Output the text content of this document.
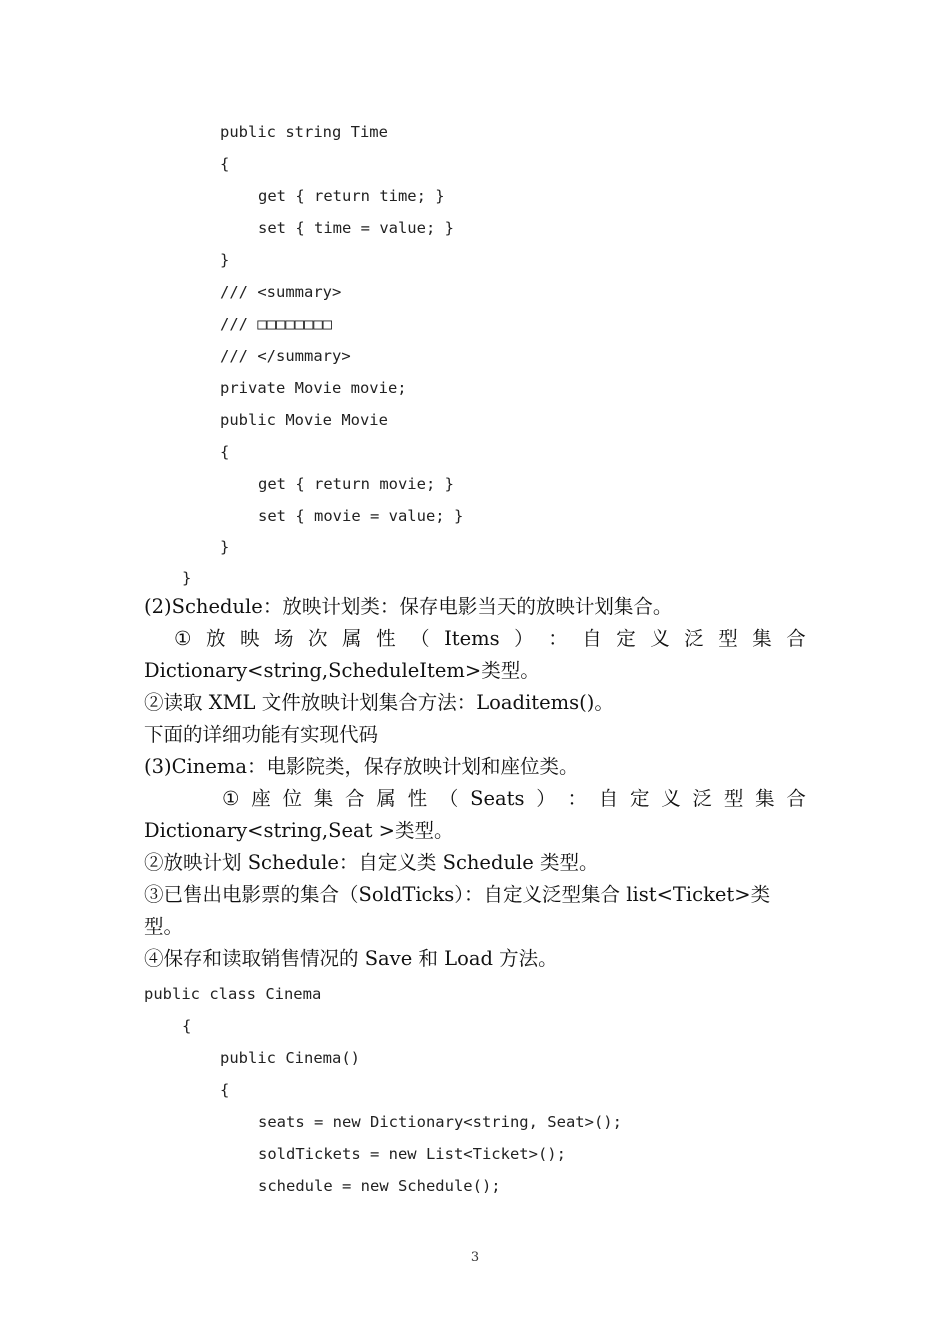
public string Time
{
get { return time; }
set { time = value; }
}
/// <summary>
/// □□□□□□□□
/// </summary>
private Movie movie;
public Movie Movie
{
get { return movie; }
set { movie = value; }
}
}
(2)Schedule：放映计划类：保存电影当天的放映计划集合。
① 放 映 场 次 属 性 （ Items ） ： 自 定 义 泛 型 集 合
Dictionary<string,ScheduleItem>类型。
②读取 XML 文件放映计划集合方法：Loaditems()。
下面的详细功能有实现代码
(3)Cinema：电影院类，保存放映计划和座位类。
① 座 位 集 合 属 性 （ Seats ） ： 自 定 义 泛 型 集 合
Dictionary<string,Seat >类型。
②放映计划 Schedule：自定义类 Schedule 类型。
③已售出电影票的集合（SoldTicks）：自定义泛型集合 list<Ticket>类
型。
④保存和读取销售情况的 Save 和 Load 方法。
public class Cinema
{
public Cinema()
{
seats = new Dictionary<string, Seat>();
soldTickets = new List<Ticket>();
schedule = new Schedule();
3
